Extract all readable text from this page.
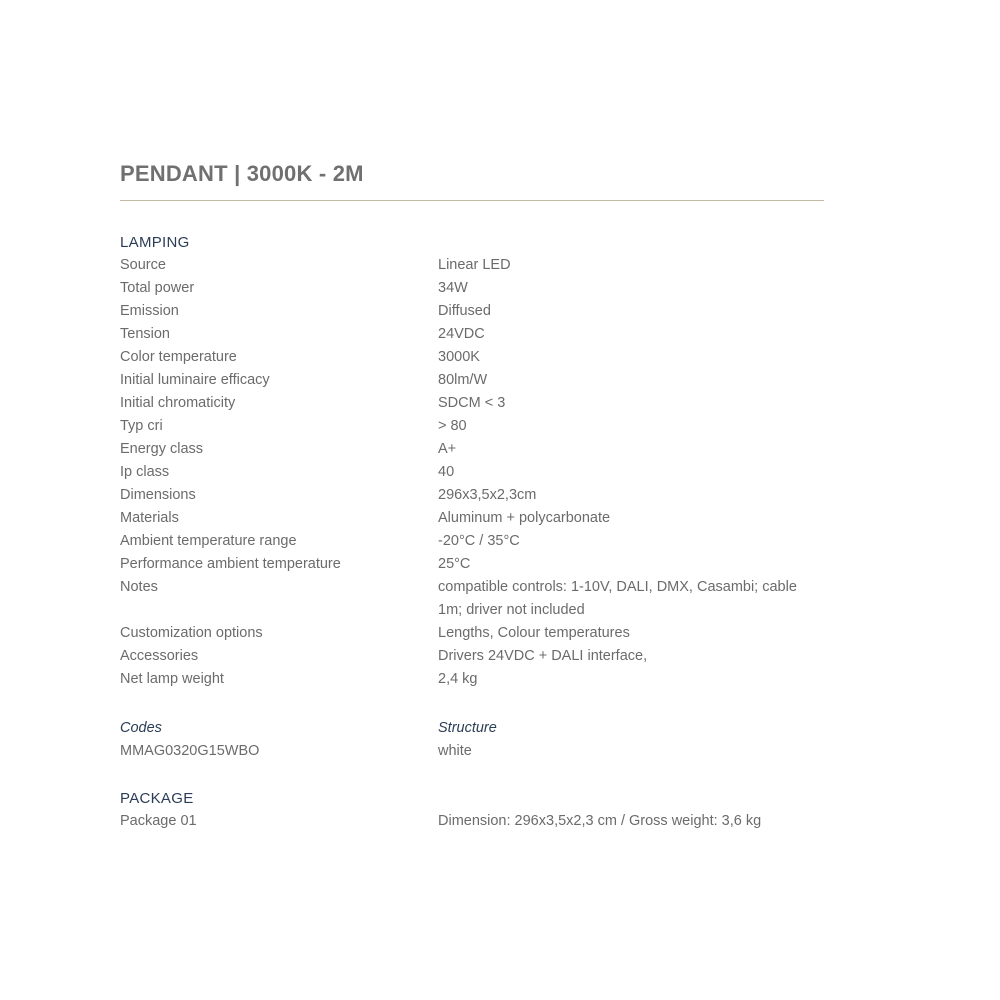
PENDANT | 3000K - 2M
LAMPING
Source	Linear LED
Total power	34W
Emission	Diffused
Tension	24VDC
Color temperature	3000K
Initial luminaire efficacy	80lm/W
Initial chromaticity	SDCM < 3
Typ cri	> 80
Energy class	A+
Ip class	40
Dimensions	296x3,5x2,3cm
Materials	Aluminum + polycarbonate
Ambient temperature range	-20°C / 35°C
Performance ambient temperature	25°C
Notes	compatible controls: 1-10V, DALI, DMX, Casambi; cable 1m; driver not included
Customization options	Lengths, Colour temperatures
Accessories	Drivers 24VDC + DALI interface,
Net lamp weight	2,4 kg
Codes	Structure
MMAG0320G15WBO	white
PACKAGE
Package 01	Dimension: 296x3,5x2,3 cm / Gross weight: 3,6 kg
